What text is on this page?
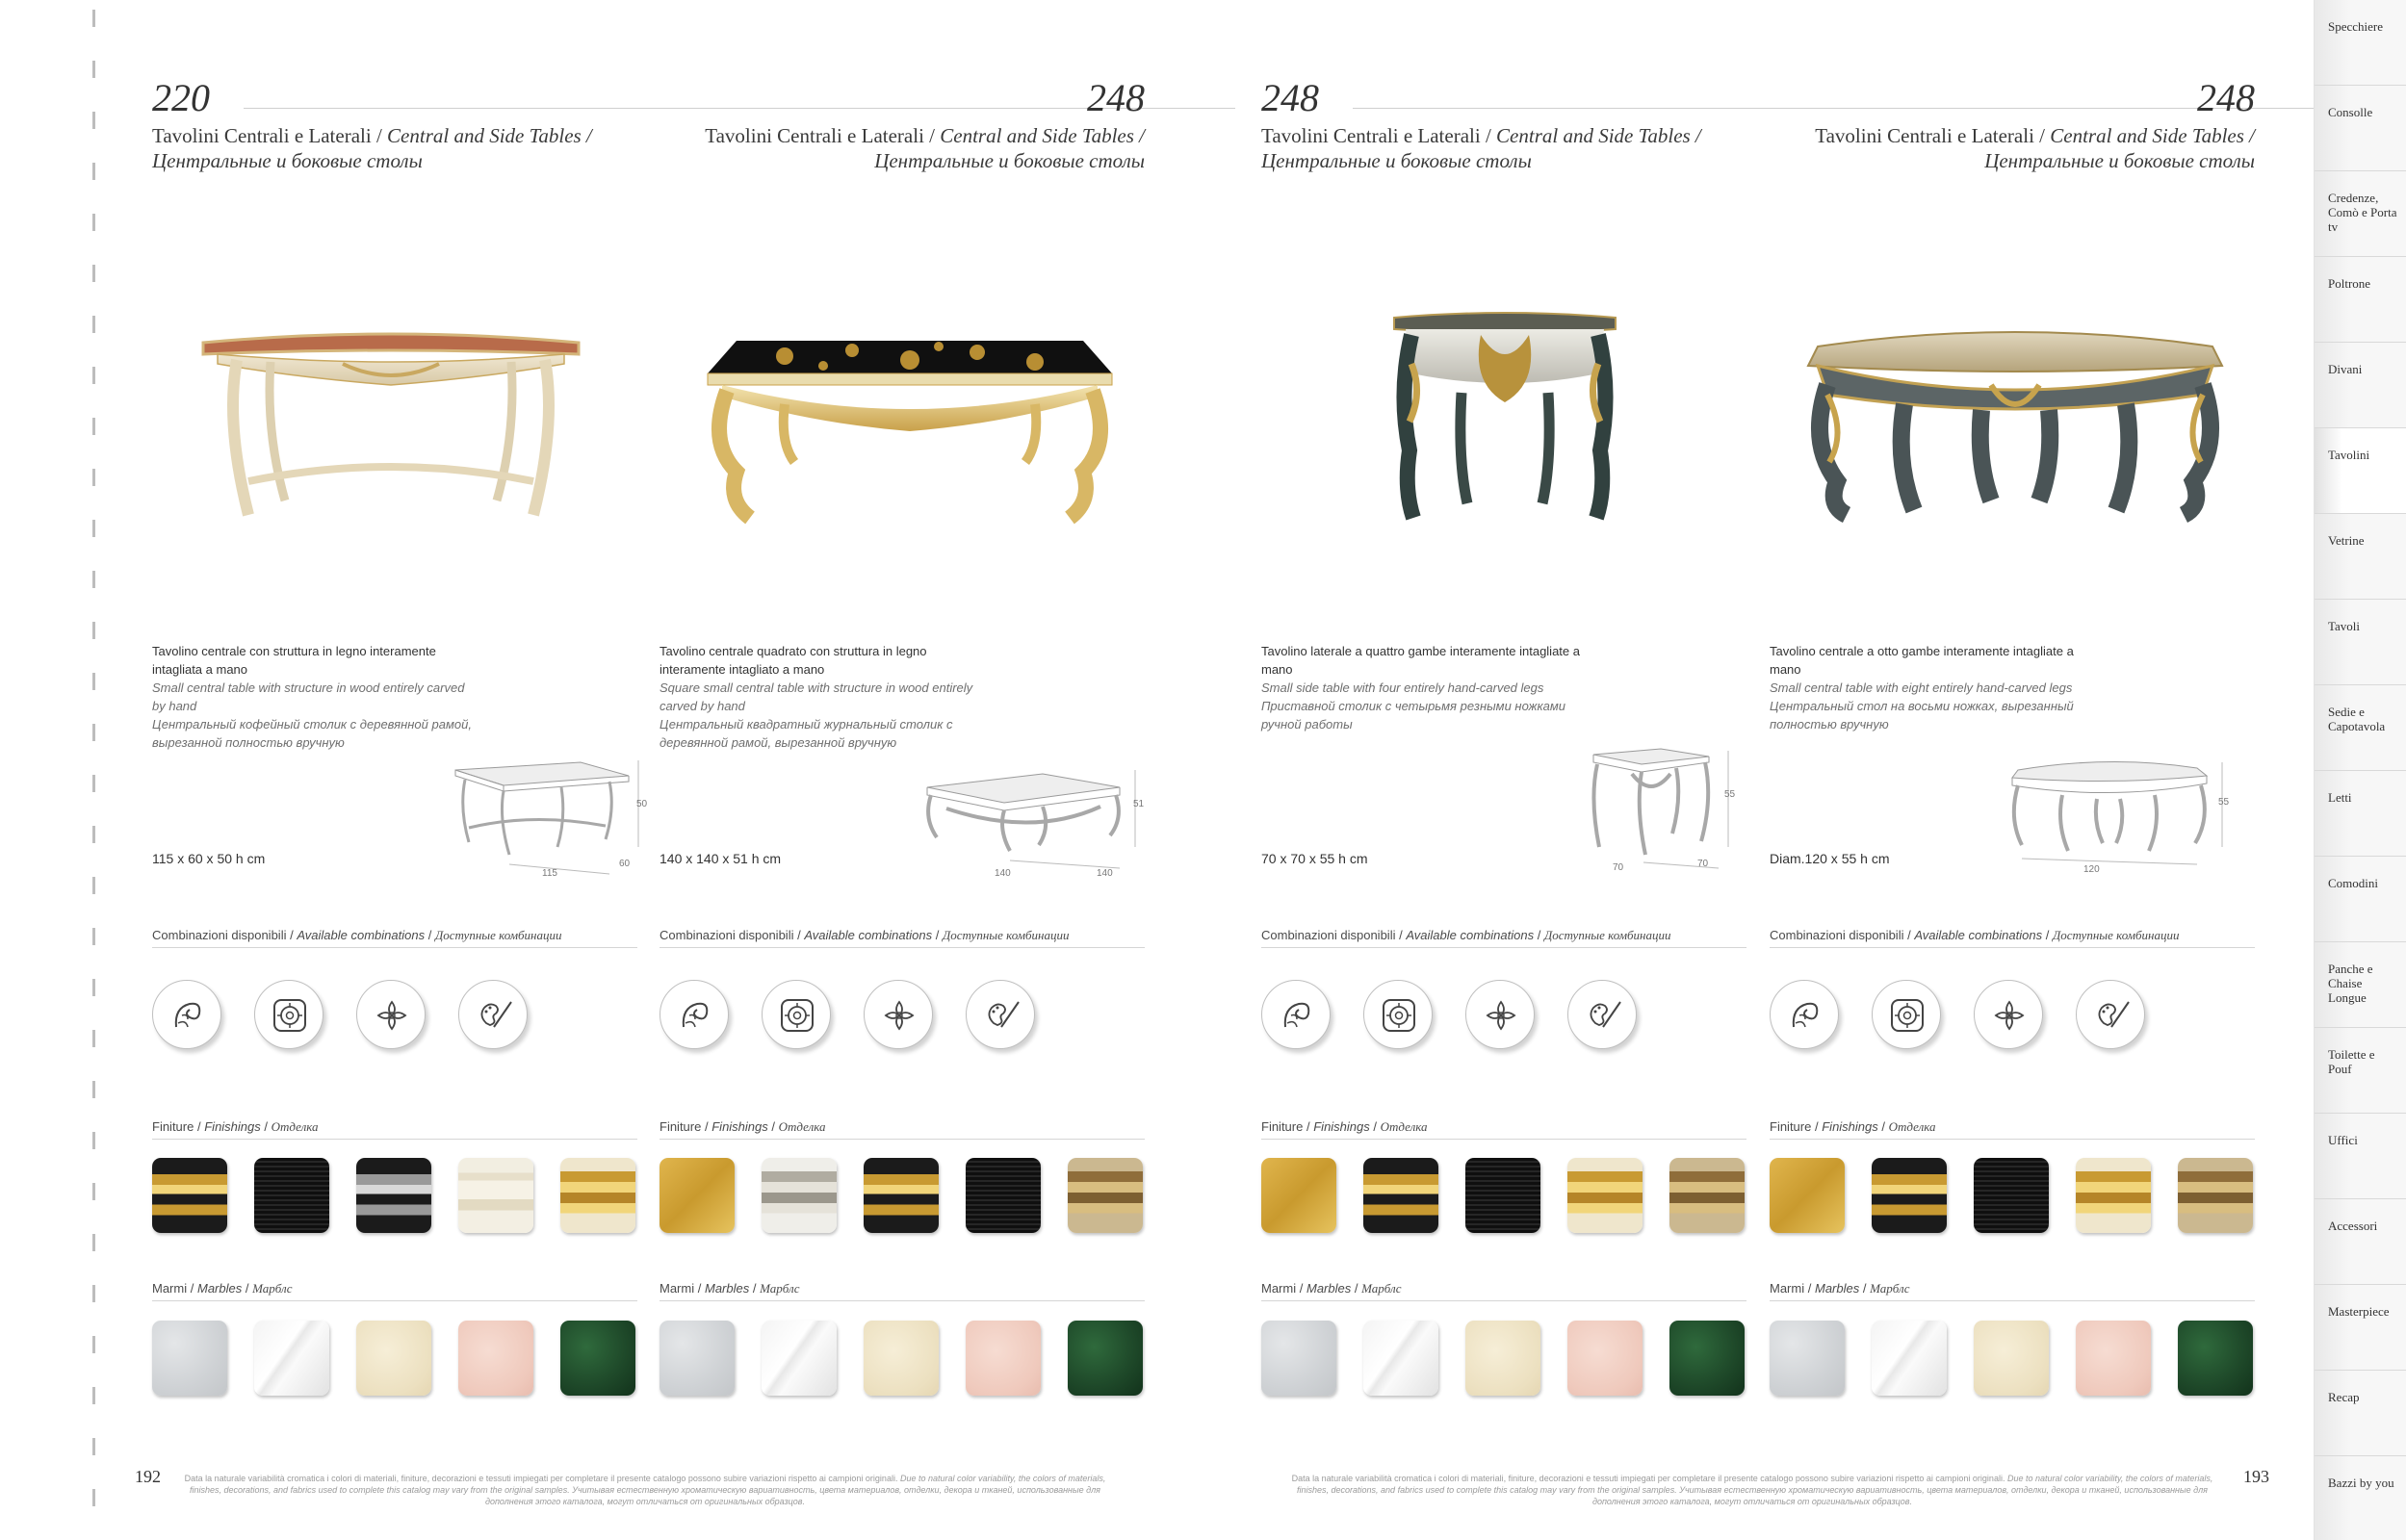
220
Tavolini Centrali e Laterali / Central and Side Tables /
Центральные и боковые столы
Tavolino centrale con struttura in legno interamente intagliata a mano
Small central table with structure in wood entirely carved by hand
Центральный кофейный столик с деревянной рамой, вырезанной полностью вручную
115 x 60 x 50 h cm
115
60
50
Combinazioni disponibili / Available combinations / Доступные комбинации
Finiture / Finishings / Отделка
Marmi / Marbles / Марблс
248
Tavolini Centrali e Laterali / Central and Side Tables /
Центральные и боковые столы
Tavolino centrale quadrato con struttura in legno interamente intagliato a mano
Square small central table with structure in wood entirely carved by hand
Центральный квадратный журнальный столик с деревянной рамой, вырезанной вручную
140 x 140 x 51 h cm
140	140
51
Combinazioni disponibili / Available combinations / Доступные комбинации
Finiture / Finishings / Отделка
Marmi / Marbles / Марблс
248
Tavolini Centrali e Laterali / Central and Side Tables /
Центральные и боковые столы
Tavolino laterale a quattro gambe interamente intagliate a mano
Small side table with four entirely hand-carved legs
Приставной столик с четырьмя резными ножками ручной работы
70 x 70 x 55 h cm
70	70
55
Combinazioni disponibili / Available combinations / Доступные комбинации
Finiture / Finishings / Отделка
Marmi / Marbles / Марблс
248
Tavolini Centrali e Laterali / Central and Side Tables /
Центральные и боковые столы
Tavolino centrale a otto gambe interamente intagliate a mano
Small central table with eight entirely hand-carved legs
Центральный стол на восьми ножках, вырезанный полностью вручную
Diam.120 x 55 h cm
120
55
Combinazioni disponibili / Available combinations / Доступные комбинации
Finiture / Finishings / Отделка
Marmi / Marbles / Марблс
192	Data la naturale variabilità cromatica i colori di materiali, finiture, decorazioni e tessuti impiegati per completare il presente catalogo possono subire variazioni rispetto ai campioni originali. Due to natural color variability, the colors of materials, finishes, decorations, and fabrics used to complete this catalog may vary from the original samples. Учитывая естественную хроматическую вариативность, цвета материалов, отделки, декора и тканей, использованные для дополнения этого каталога, могут отличаться от оригинальных образцов.
Data la naturale variabilità cromatica i colori di materiali, finiture, decorazioni e tessuti impiegati per completare il presente catalogo possono subire variazioni rispetto ai campioni originali. Due to natural color variability, the colors of materials, finishes, decorations, and fabrics used to complete this catalog may vary from the original samples. Учитывая естественную хроматическую вариативность, цвета материалов, отделки, декора и тканей, использованные для дополнения этого каталога, могут отличаться от оригинальных образцов.
193
Specchiere
Consolle
Credenze, Comò e Porta tv
Poltrone
Divani
Tavolini
Vetrine
Tavoli
Sedie e Capotavola
Letti
Comodini
Panche e Chaise Longue
Toilette e Pouf
Uffici
Accessori
Masterpiece
Recap
Bazzi by you
